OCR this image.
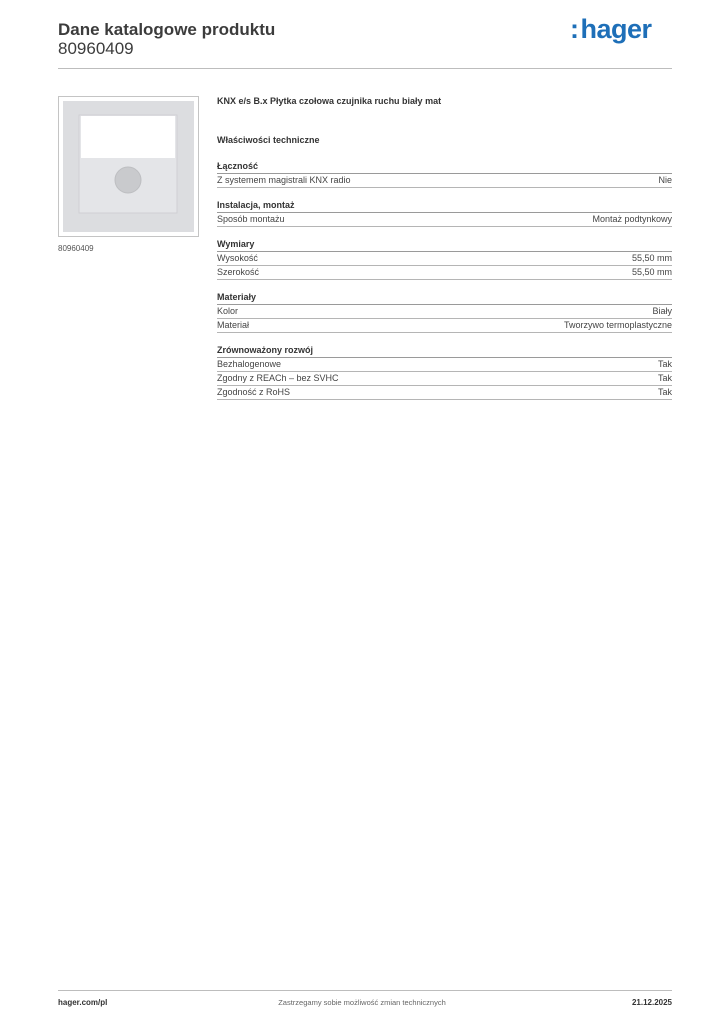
Dane katalogowe produktu
80960409
:hager
80960409
KNX e/s B.x Płytka czołowa czujnika ruchu biały mat
Właściwości techniczne
Łączność
Z systemem magistrali KNX radio	Nie
Instalacja, montaż
Sposób montażu	Montaż podtynkowy
Wymiary
Wysokość	55,50 mm
Szerokość	55,50 mm
Materiały
Kolor	Biały
Materiał	Tworzywo termoplastyczne
Zrównoważony rozwój
Bezhalogenowe	Tak
Zgodny z REACh – bez SVHC	Tak
Zgodność z RoHS	Tak
Zastrzegamy sobie możliwość zmian technicznych
hager.com/pl	21.12.2025
